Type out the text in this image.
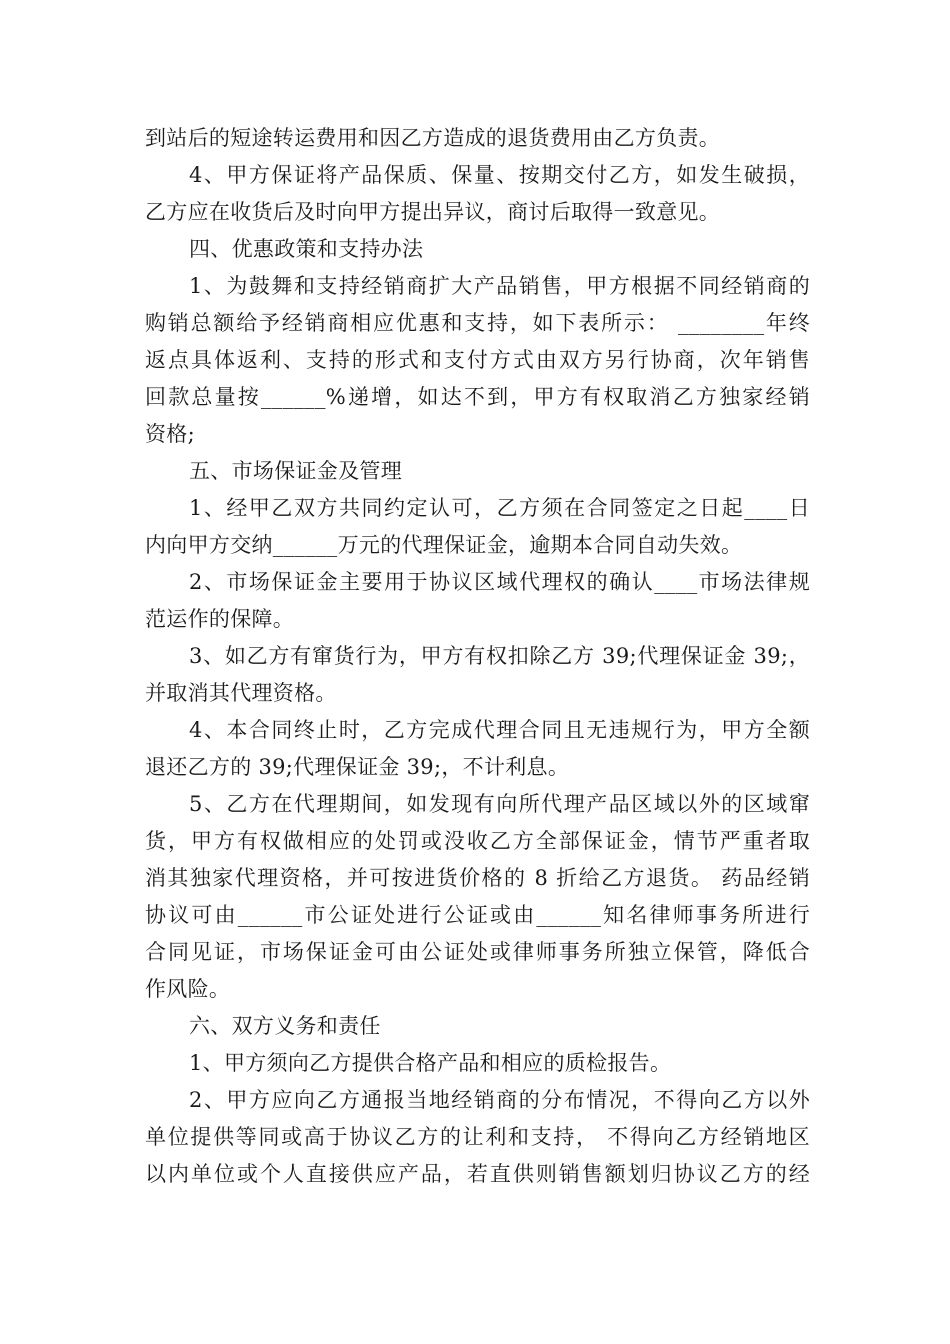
到站后的短途转运费用和因乙方造成的退货费用由乙方负责。
4、甲方保证将产品保质、保量、按期交付乙方，如发生破损，
乙方应在收货后及时向甲方提出异议，商讨后取得一致意见。
四、优惠政策和支持办法
1、为鼓舞和支持经销商扩大产品销售，甲方根据不同经销商的
购销总额给予经销商相应优惠和支持，如下表所示： ________年终
返点具体返利、支持的形式和支付方式由双方另行协商，次年销售
回款总量按______%递增，如达不到，甲方有权取消乙方独家经销
资格;
五、市场保证金及管理
1、经甲乙双方共同约定认可，乙方须在合同签定之日起____日
内向甲方交纳______万元的代理保证金，逾期本合同自动失效。
2、市场保证金主要用于协议区域代理权的确认____市场法律规
范运作的保障。
3、如乙方有窜货行为，甲方有权扣除乙方 39;代理保证金 39;，
并取消其代理资格。
4、本合同终止时，乙方完成代理合同且无违规行为，甲方全额
退还乙方的 39;代理保证金 39;，不计利息。
5、乙方在代理期间，如发现有向所代理产品区域以外的区域窜
货，甲方有权做相应的处罚或没收乙方全部保证金，情节严重者取
消其独家代理资格，并可按进货价格的 8 折给乙方退货。 药品经销
协议可由______市公证处进行公证或由______知名律师事务所进行
合同见证，市场保证金可由公证处或律师事务所独立保管，降低合
作风险。
六、双方义务和责任
1、甲方须向乙方提供合格产品和相应的质检报告。
2、甲方应向乙方通报当地经销商的分布情况，不得向乙方以外
单位提供等同或高于协议乙方的让利和支持， 不得向乙方经销地区
以内单位或个人直接供应产品，若直供则销售额划归协议乙方的经
